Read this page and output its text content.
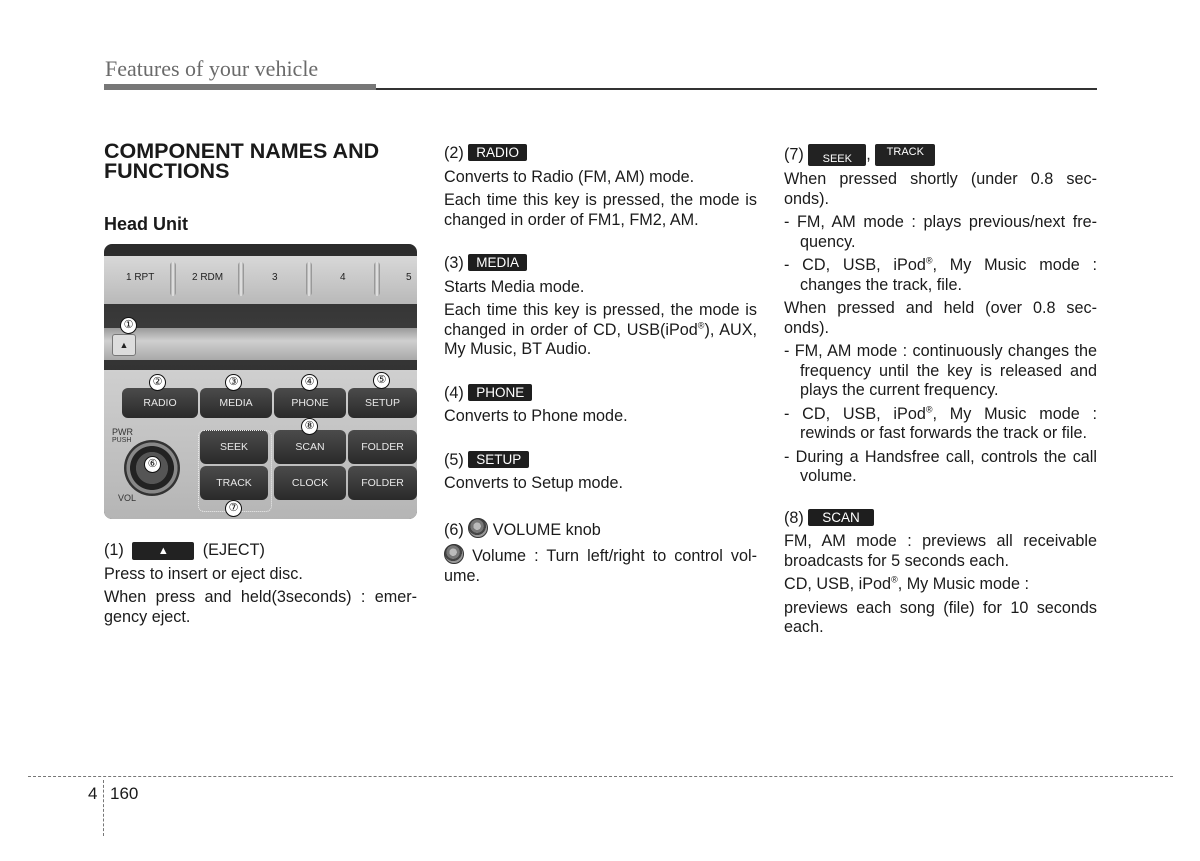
Features of your vehicle
COMPONENT NAMES AND FUNCTIONS
Head Unit
1 RPT	2 RDM	3	4	5
▲
RADIO	MEDIA	PHONE	SETUP
SEEK	SCAN	FOLDER
TRACK	CLOCK	FOLDER
PWR
PUSH
VOL
①
②	③	④	⑤
⑥
⑦
⑧

(1)	▲ (EJECT)

Press to insert or eject disc.

When press and held(3seconds) : emer-gency eject.

(2) RADIO

Converts to Radio (FM, AM) mode.

Each time this key is pressed, the mode is changed in order of FM1, FM2, AM.

(3) MEDIA

Starts Media mode.

Each time this key is pressed, the mode is changed in order of CD, USB(iPod®), AUX, My Music, BT Audio.

(4) PHONE

Converts to Phone mode.

(5) SETUP

Converts to Setup mode.

(6) VOLUME knob

Volume : Turn left/right to control vol-ume.

(7) SEEK , TRACK

When pressed shortly (under 0.8 sec-onds).

- FM, AM mode : plays previous/next fre-quency.

- CD, USB, iPod®, My Music mode : changes the track, file.

When pressed and held (over 0.8 sec-onds).

- FM, AM mode : continuously changes the frequency until the key is released and plays the current frequency.

- CD, USB, iPod®, My Music mode : rewinds or fast forwards the track or file.

- During a Handsfree call, controls the call volume.

(8) SCAN

FM, AM mode : previews all receivable broadcasts for 5 seconds each.

CD, USB, iPod®, My Music mode :

previews each song (file) for 10 seconds each.

4 160
